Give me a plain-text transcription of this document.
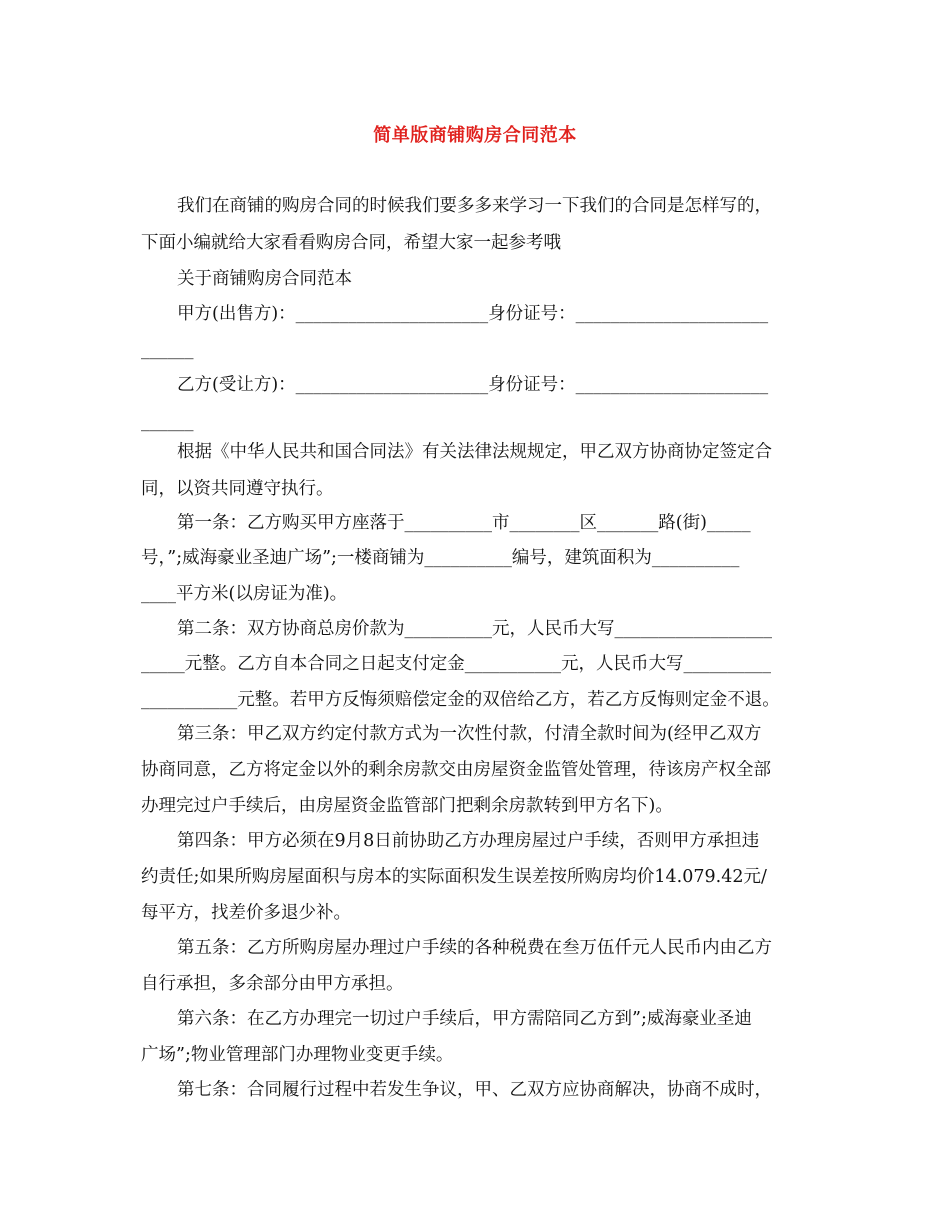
简单版商铺购房合同范本
我们在商铺的购房合同的时候我们要多多来学习一下我们的合同是怎样写的，
下面小编就给大家看看购房合同，希望大家一起参考哦
关于商铺购房合同范本
甲方(出售方)：______________________身份证号：______________________
______
乙方(受让方)：______________________身份证号：______________________
______
根据《中华人民共和国合同法》有关法律法规规定，甲乙双方协商协定签定合
同，以资共同遵守执行。
第一条：乙方购买甲方座落于__________市________区_______路(街)_____
号，”;威海豪业圣迪广场”;一楼商铺为__________编号，建筑面积为__________
____平方米(以房证为准)。
第二条：双方协商总房价款为__________元，人民币大写__________________
_____元整。乙方自本合同之日起支付定金___________元，人民币大写__________
___________元整。若甲方反悔须赔偿定金的双倍给乙方，若乙方反悔则定金不退。
第三条：甲乙双方约定付款方式为一次性付款，付清全款时间为(经甲乙双方
协商同意，乙方将定金以外的剩余房款交由房屋资金监管处管理，待该房产权全部
办理完过户手续后，由房屋资金监管部门把剩余房款转到甲方名下)。
第四条：甲方必须在9月8日前协助乙方办理房屋过户手续，否则甲方承担违
约责任;如果所购房屋面积与房本的实际面积发生误差按所购房均价14.079.42元/
每平方，找差价多退少补。
第五条：乙方所购房屋办理过户手续的各种税费在叁万伍仟元人民币内由乙方
自行承担，多余部分由甲方承担。
第六条：在乙方办理完一切过户手续后，甲方需陪同乙方到”;威海豪业圣迪
广场”;物业管理部门办理物业变更手续。
第七条：合同履行过程中若发生争议，甲、乙双方应协商解决，协商不成时，
